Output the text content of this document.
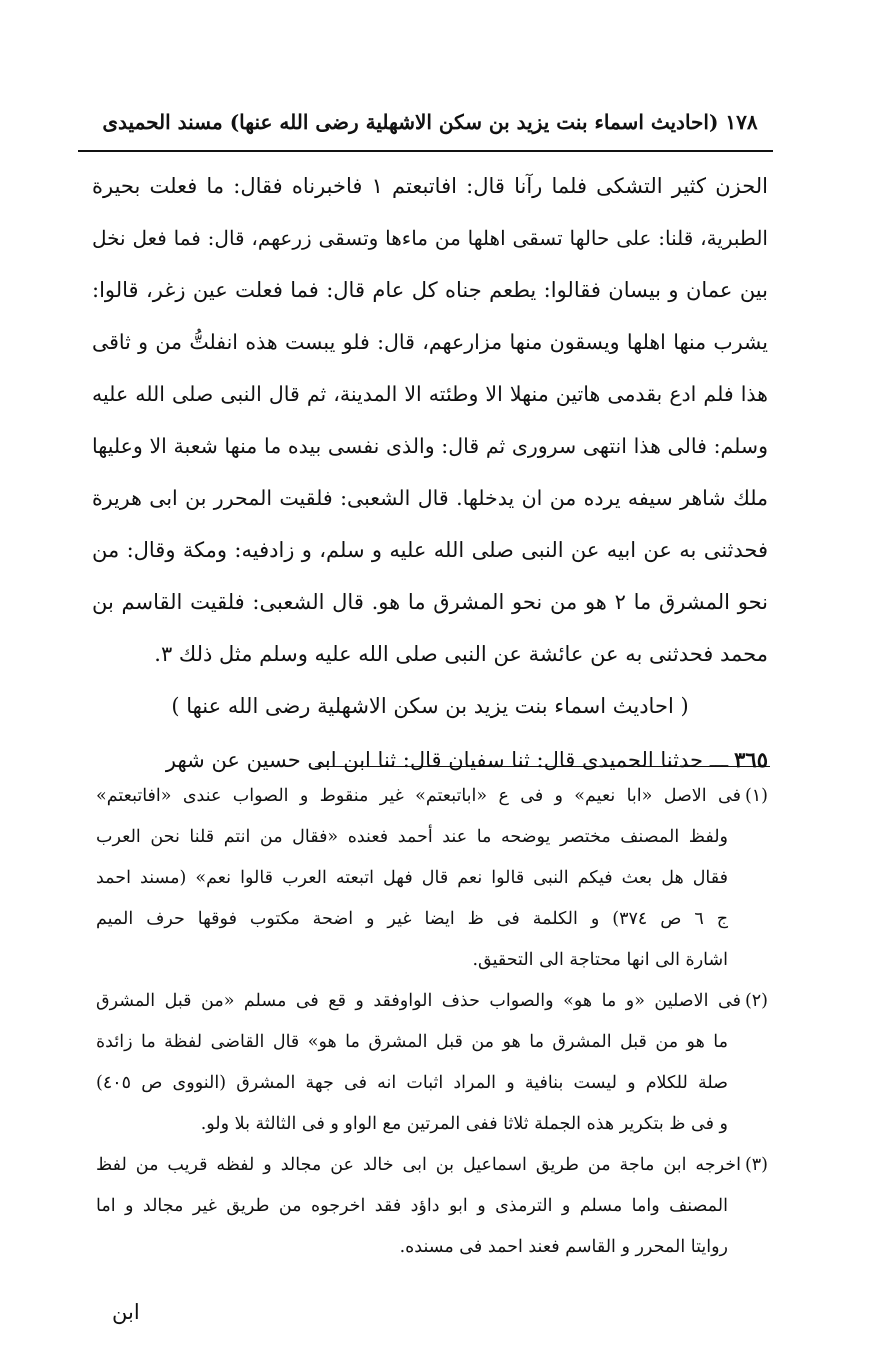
١٧٨ (احاديث اسماء بنت يزيد بن سكن الاشهلية رضى الله عنها) مسند الحميدى
الحزن كثير التشكى فلما رآنا قال: افاتبعتم ١ فاخبرناه فقال: ما فعلت بحيرة
الطبرية، قلنا: على حالها تسقى اهلها من ماءها وتسقى زرعهم، قال: فما فعل نخل
بين عمان و بيسان فقالوا: يطعم جناه كل عام قال: فما فعلت عين زغر، قالوا:
يشرب منها اهلها ويسقون منها مزارعهم، قال: فلو يبست هذه انفلتُّ من و ثاقى
هذا فلم ادع بقدمى هاتين منهلا الا وطئته الا المدينة، ثم قال النبى صلى الله عليه
وسلم: فالى هذا انتهى سرورى ثم قال: والذى نفسى بيده ما منها شعبة الا وعليها
ملك شاهر سيفه يرده من ان يدخلها. قال الشعبى: فلقيت المحرر بن ابى هريرة
فحدثنى به عن ابيه عن النبى صلى الله عليه و سلم، و زادفيه: ومكة وقال: من
نحو المشرق ما ٢ هو من نحو المشرق ما هو. قال الشعبى: فلقيت القاسم بن
محمد فحدثنى به عن عائشة عن النبى صلى الله عليه وسلم مثل ذلك ٣.
( احاديث اسماء بنت يزيد بن سكن الاشهلية رضى الله عنها )
٣٦٥ـــ حدثنا الحميدى قال: ثنا سفيان قال: ثنا ابن ابى حسين عن شهر
(١)فى الاصل «ابا نعيم» و فى ع «اباتبعتم» غير منقوط و الصواب عندى «افاتبعتم»
ولفظ المصنف مختصر يوضحه ما عند أحمد فعنده «فقال من انتم قلنا نحن العرب
فقال هل بعث فيكم النبى قالوا نعم قال فهل اتبعته العرب قالوا نعم» (مسند احمد
ج ٦ ص ٣٧٤) و الكلمة فى ظ ايضا غير و اضحة مكتوب فوقها حرف الميم
اشارة الى انها محتاجة الى التحقيق.
(٢)فى الاصلين «و ما هو» والصواب حذف الواوفقد و قع فى مسلم «من قبل المشرق
ما هو من قبل المشرق ما هو من قبل المشرق ما هو» قال القاضى لفظة ما زائدة
صلة للكلام و ليست بنافية و المراد اثبات انه فى جهة المشرق (النووى ص ٤٠٥)
و فى ظ بتكرير هذه الجملة ثلاثا ففى المرتين مع الواو و فى الثالثة بلا ولو.
(٣)اخرجه ابن ماجة من طريق اسماعيل بن ابى خالد عن مجالد و لفظه قريب من لفظ
المصنف واما مسلم و الترمذى و ابو داؤد فقد اخرجوه من طريق غير مجالد و اما
روايتا المحرر و القاسم فعند احمد فى مسنده.
ابن
